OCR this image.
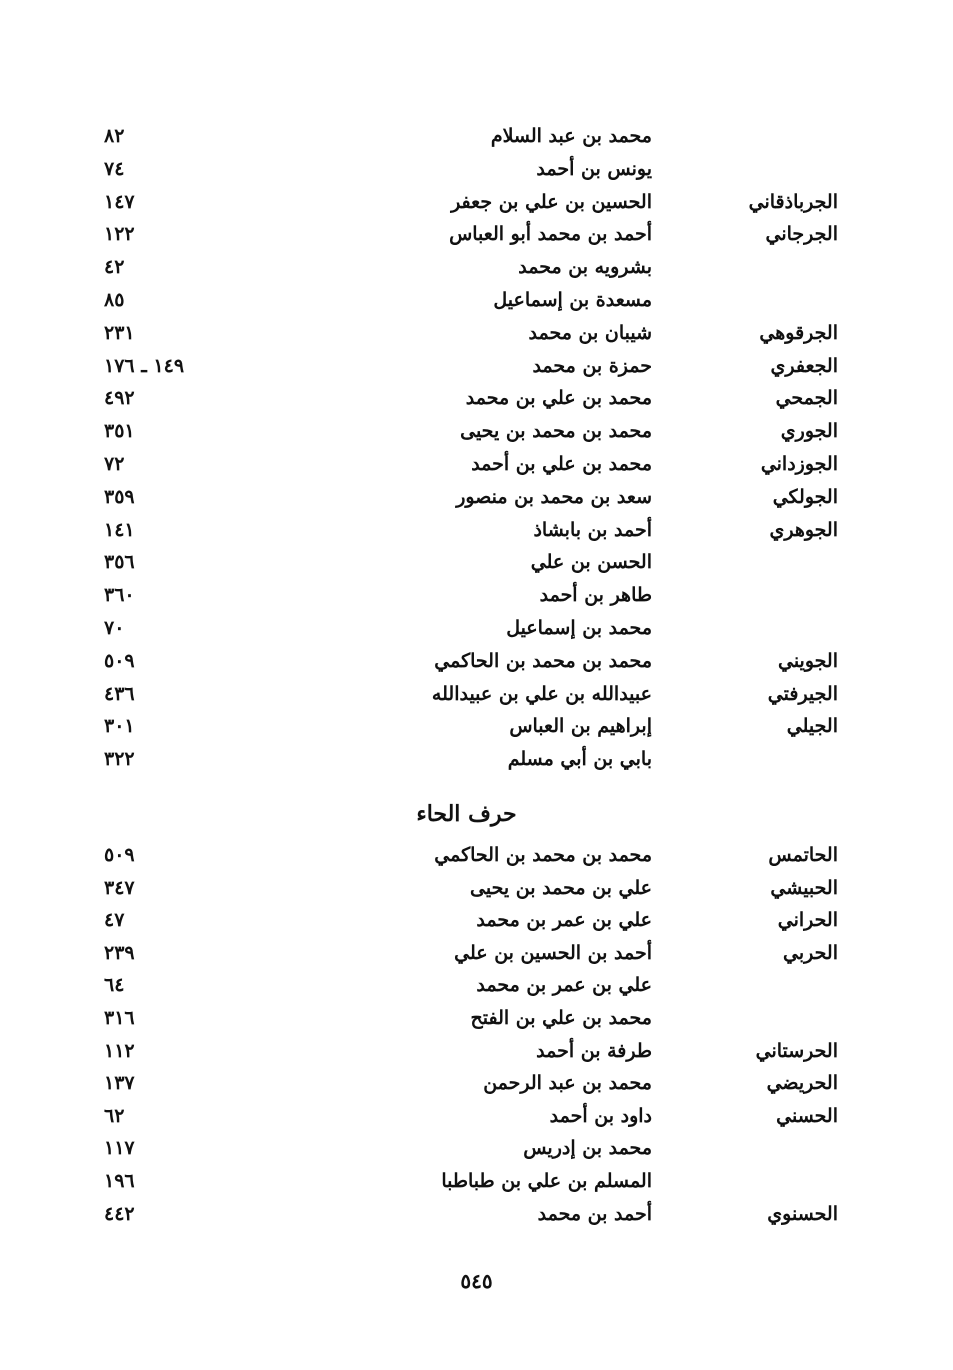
محمد بن عبد السلام
٨٢
يونس بن أحمد
٧٤
الجرباذقاني
الحسين بن علي بن جعفر
١٤٧
الجرجاني
أحمد بن محمد أبو العباس
١٢٢
بشرويه بن محمد
٤٢
مسعدة بن إسماعيل
٨٥
الجرقوهي
شيبان بن محمد
٢٣١
الجعفري
حمزة بن محمد
١٤٩ ـ ١٧٦
الجمحي
محمد بن علي بن محمد
٤٩٢
الجوري
محمد بن محمد بن يحيى
٣٥١
الجوزداني
محمد بن علي بن أحمد
٧٢
الجولكي
سعد بن محمد بن منصور
٣٥٩
الجوهري
أحمد بن بابشاذ
١٤١
الحسن بن علي
٣٥٦
طاهر بن أحمد
٣٦٠
محمد بن إسماعيل
٧٠
الجويني
محمد بن محمد بن الحاكمي
٥٠٩
الجيرفتي
عبيدالله بن علي بن عبيدالله
٤٣٦
الجيلي
إبراهيم بن العباس
٣٠١
بابي بن أبي مسلم
٣٢٢
حرف الحاء
الحاتمس
محمد بن محمد بن الحاكمي
٥٠٩
الحبيشي
علي بن محمد بن يحيى
٣٤٧
الحراني
علي بن عمر بن محمد
٤٧
الحربي
أحمد بن الحسين بن علي
٢٣٩
علي بن عمر بن محمد
٦٤
محمد بن علي بن الفتح
٣١٦
الحرستاني
طرفة بن أحمد
١١٢
الحريضي
محمد بن عبد الرحمن
١٣٧
الحسني
داود بن أحمد
٦٢
محمد بن إدريس
١١٧
المسلم بن علي بن طباطبا
١٩٦
الحسنوي
أحمد بن محمد
٤٤٢
٥٤٥
